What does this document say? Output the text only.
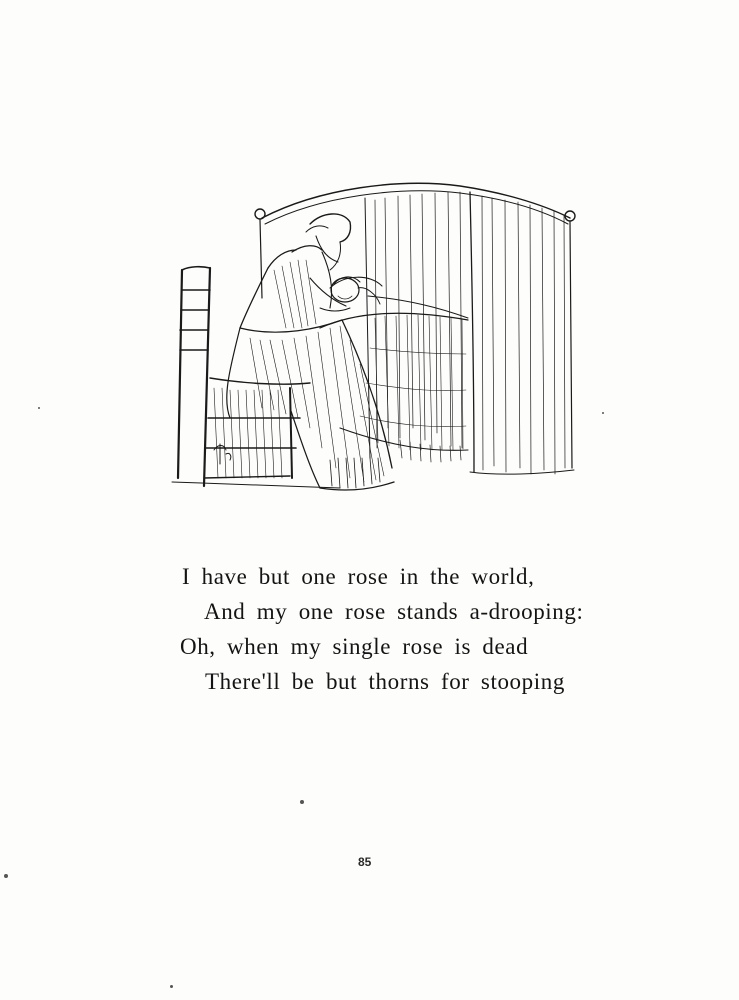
I have but one rose in the world,
And my one rose stands a-drooping:
Oh, when my single rose is dead
There'll be but thorns for stooping
85
